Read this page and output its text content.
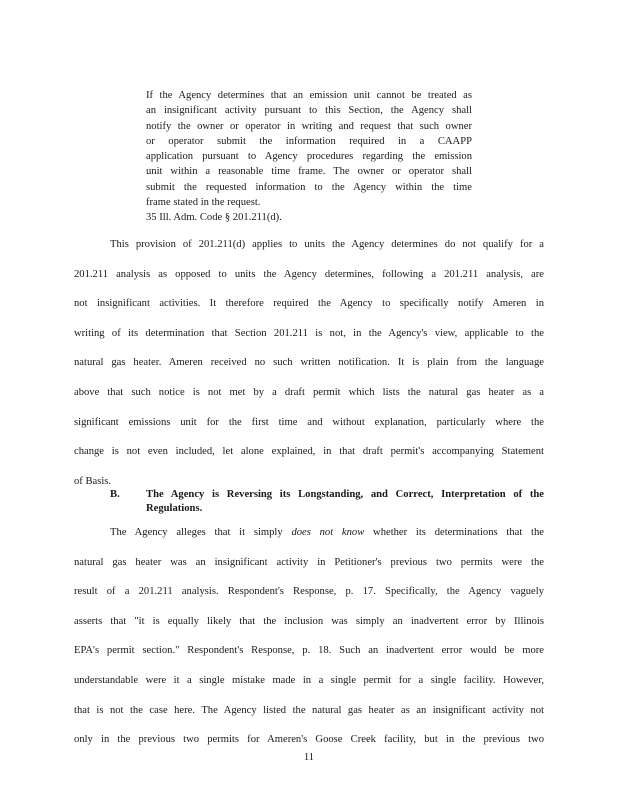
If the Agency determines that an emission unit cannot be treated as
an insignificant activity pursuant to this Section, the Agency shall
notify the owner or operator in writing and request that such owner
or operator submit the information required in a CAAPP
application pursuant to Agency procedures regarding the emission
unit within a reasonable time frame. The owner or operator shall
submit the requested information to the Agency within the time
frame stated in the request.
35 Ill. Adm. Code § 201.211(d).
This provision of 201.211(d) applies to units the Agency determines do not qualify for a
201.211 analysis as opposed to units the Agency determines, following a 201.211 analysis, are
not insignificant activities. It therefore required the Agency to specifically notify Ameren in
writing of its determination that Section 201.211 is not, in the Agency's view, applicable to the
natural gas heater. Ameren received no such written notification. It is plain from the language
above that such notice is not met by a draft permit which lists the natural gas heater as a
significant emissions unit for the first time and without explanation, particularly where the
change is not even included, let alone explained, in that draft permit's accompanying Statement
of Basis.
B. The Agency is Reversing its Longstanding, and Correct, Interpretation of the
Regulations.
The Agency alleges that it simply does not know whether its determinations that the
natural gas heater was an insignificant activity in Petitioner's previous two permits were the
result of a 201.211 analysis. Respondent's Response, p. 17. Specifically, the Agency vaguely
asserts that "it is equally likely that the inclusion was simply an inadvertent error by Illinois
EPA's permit section." Respondent's Response, p. 18. Such an inadvertent error would be more
understandable were it a single mistake made in a single permit for a single facility. However,
that is not the case here. The Agency listed the natural gas heater as an insignificant activity not
only in the previous two permits for Ameren's Goose Creek facility, but in the previous two
11
